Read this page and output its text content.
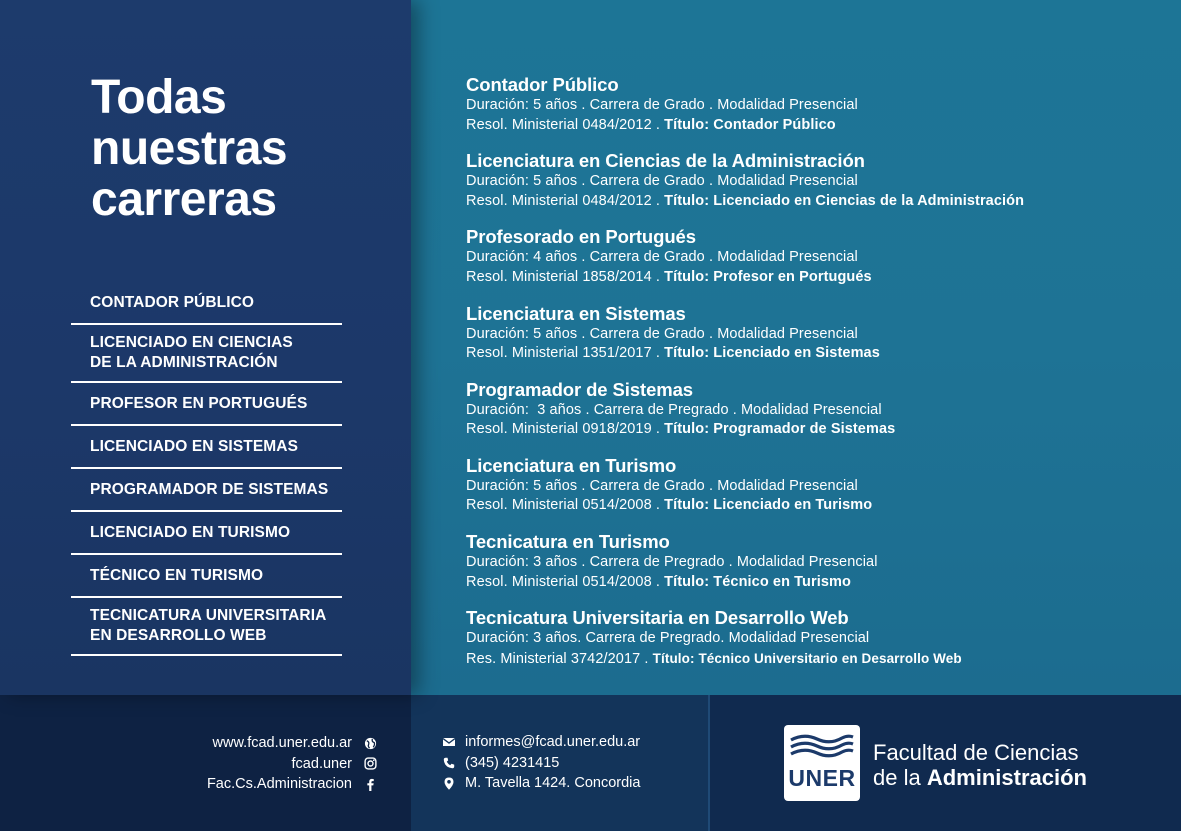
Todas
nuestras
carreras
CONTADOR PÚBLICO
LICENCIADO EN CIENCIAS
DE LA ADMINISTRACIÓN
PROFESOR EN PORTUGUÉS
LICENCIADO EN SISTEMAS
PROGRAMADOR DE SISTEMAS
LICENCIADO EN TURISMO
TÉCNICO EN TURISMO
TECNICATURA UNIVERSITARIA
EN DESARROLLO WEB
Contador Público
Duración: 5 años . Carrera de Grado . Modalidad Presencial
Resol. Ministerial 0484/2012 . Título: Contador Público
Licenciatura en Ciencias de la Administración
Duración: 5 años . Carrera de Grado . Modalidad Presencial
Resol. Ministerial 0484/2012 . Título: Licenciado en Ciencias de la Administración
Profesorado en Portugués
Duración: 4 años . Carrera de Grado . Modalidad Presencial
Resol. Ministerial 1858/2014 . Título: Profesor en Portugués
Licenciatura en Sistemas
Duración: 5 años . Carrera de Grado . Modalidad Presencial
Resol. Ministerial 1351/2017 . Título: Licenciado en Sistemas
Programador de Sistemas
Duración:  3 años . Carrera de Pregrado . Modalidad Presencial
Resol. Ministerial 0918/2019 . Título: Programador de Sistemas
Licenciatura en Turismo
Duración: 5 años . Carrera de Grado . Modalidad Presencial
Resol. Ministerial 0514/2008 . Título: Licenciado en Turismo
Tecnicatura en Turismo
Duración: 3 años . Carrera de Pregrado . Modalidad Presencial
Resol. Ministerial 0514/2008 . Título: Técnico en Turismo
Tecnicatura Universitaria en Desarrollo Web
Duración: 3 años. Carrera de Pregrado. Modalidad Presencial
Res. Ministerial 3742/2017 . Título: Técnico Universitario en Desarrollo Web
www.fcad.uner.edu.ar
fcad.uner
Fac.Cs.Administracion
informes@fcad.uner.edu.ar
(345) 4231415
M. Tavella 1424. Concordia	UNER
Facultad de Ciencias
de la Administración
